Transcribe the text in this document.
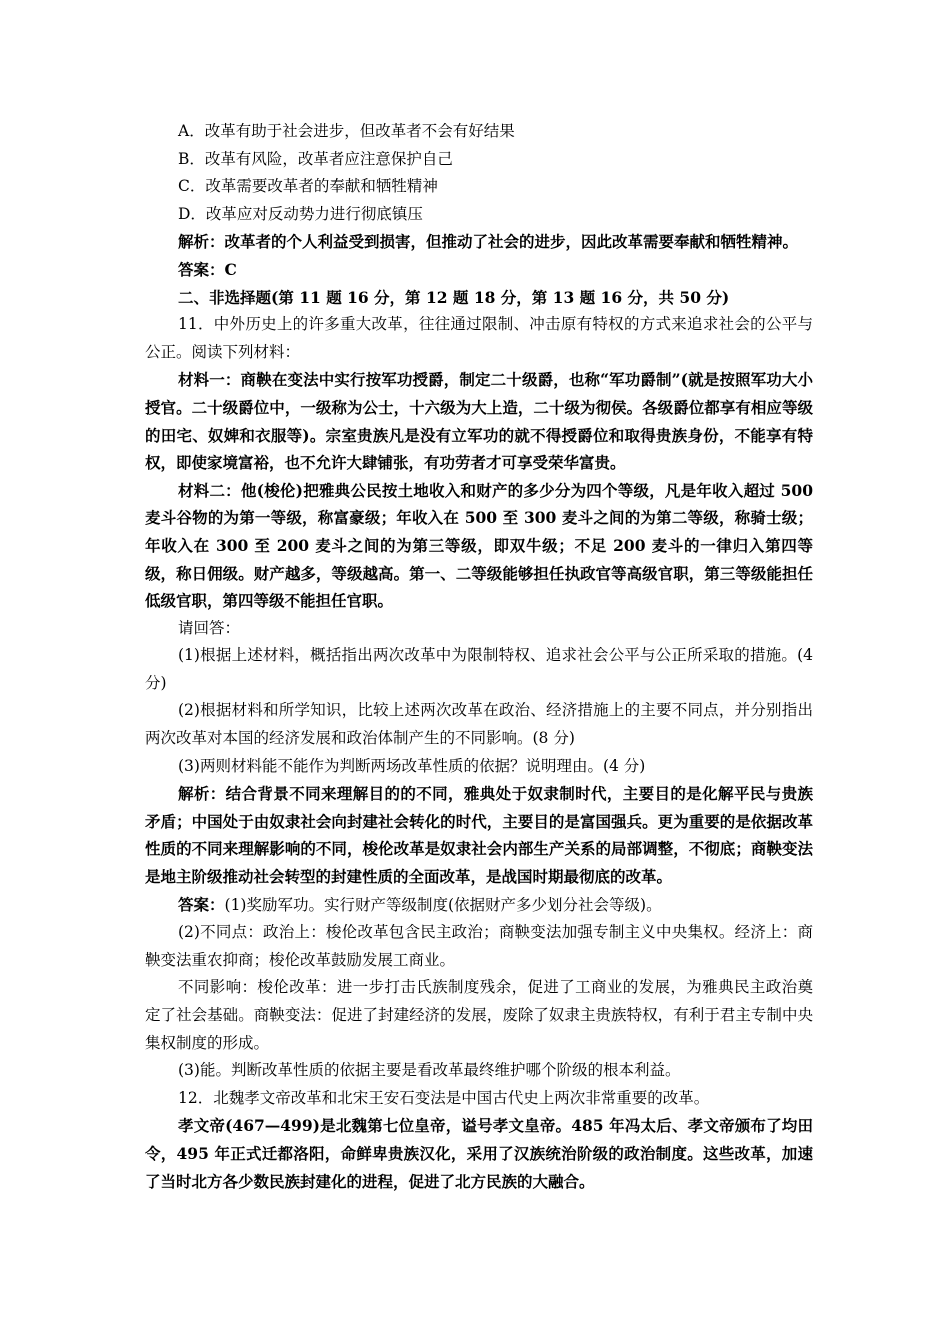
A．改革有助于社会进步，但改革者不会有好结果

B．改革有风险，改革者应注意保护自己

C．改革需要改革者的奉献和牺牲精神

D．改革应对反动势力进行彻底镇压

解析：改革者的个人利益受到损害，但推动了社会的进步，因此改革需要奉献和牺牲精神。

答案：C

二、非选择题(第 11 题 16 分，第 12 题 18 分，第 13 题 16 分，共 50 分)

11．中外历史上的许多重大改革，往往通过限制、冲击原有特权的方式来追求社会的公平与公正。阅读下列材料：

材料一：商鞅在变法中实行按军功授爵，制定二十级爵，也称“军功爵制”(就是按照军功大小授官。二十级爵位中，一级称为公士，十六级为大上造，二十级为彻侯。各级爵位都享有相应等级的田宅、奴婢和衣服等)。宗室贵族凡是没有立军功的就不得授爵位和取得贵族身份，不能享有特权，即使家境富裕，也不允许大肆铺张，有功劳者才可享受荣华富贵。

材料二：他(梭伦)把雅典公民按土地收入和财产的多少分为四个等级，凡是年收入超过 500 麦斗谷物的为第一等级，称富豪级；年收入在 500 至 300 麦斗之间的为第二等级，称骑士级；年收入在 300 至 200 麦斗之间的为第三等级，即双牛级；不足 200 麦斗的一律归入第四等级，称日佣级。财产越多，等级越高。第一、二等级能够担任执政官等高级官职，第三等级能担任低级官职，第四等级不能担任官职。

请回答：

(1)根据上述材料，概括指出两次改革中为限制特权、追求社会公平与公正所采取的措施。(4 分)

(2)根据材料和所学知识，比较上述两次改革在政治、经济措施上的主要不同点，并分别指出两次改革对本国的经济发展和政治体制产生的不同影响。(8 分)

(3)两则材料能不能作为判断两场改革性质的依据？说明理由。(4 分)

解析：结合背景不同来理解目的的不同，雅典处于奴隶制时代，主要目的是化解平民与贵族矛盾；中国处于由奴隶社会向封建社会转化的时代，主要目的是富国强兵。更为重要的是依据改革性质的不同来理解影响的不同，梭伦改革是奴隶社会内部生产关系的局部调整，不彻底；商鞅变法是地主阶级推动社会转型的封建性质的全面改革，是战国时期最彻底的改革。

答案：(1)奖励军功。实行财产等级制度(依据财产多少划分社会等级)。

(2)不同点：政治上：梭伦改革包含民主政治；商鞅变法加强专制主义中央集权。经济上：商鞅变法重农抑商；梭伦改革鼓励发展工商业。

不同影响：梭伦改革：进一步打击氏族制度残余，促进了工商业的发展，为雅典民主政治奠定了社会基础。商鞅变法：促进了封建经济的发展，废除了奴隶主贵族特权，有利于君主专制中央集权制度的形成。

(3)能。判断改革性质的依据主要是看改革最终维护哪个阶级的根本利益。

12．北魏孝文帝改革和北宋王安石变法是中国古代史上两次非常重要的改革。

孝文帝(467—499)是北魏第七位皇帝，谥号孝文皇帝。485 年冯太后、孝文帝颁布了均田令，495 年正式迁都洛阳，命鲜卑贵族汉化，采用了汉族统治阶级的政治制度。这些改革，加速了当时北方各少数民族封建化的进程，促进了北方民族的大融合。
